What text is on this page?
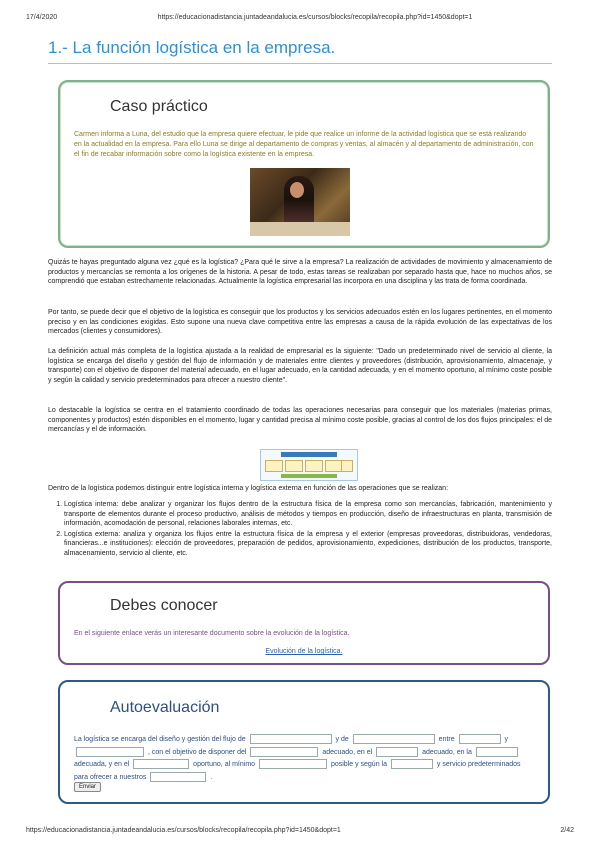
17/4/2020	https://educacionadistancia.juntadeandalucia.es/cursos/blocks/recopila/recopila.php?id=1450&dopt=1
1.- La función logística en la empresa.
Caso práctico
Carmen informa a Luna, del estudio que la empresa quiere efectuar, le pide que realice un informe de la actividad logística que se está realizando en la actualidad en la empresa. Para ello Luna se dirige al departamento de compras y ventas, al almacén y al departamento de administración, con el fin de recabar información sobre como la logística existente en la empresa.
Quizás te hayas preguntado alguna vez ¿qué es la logística? ¿Para qué le sirve a la empresa? La realización de actividades de movimiento y almacenamiento de productos y mercancías se remonta a los orígenes de la historia. A pesar de todo, estas tareas se realizaban por separado hasta que, hace no muchos años, se comprendió que estaban estrechamente relacionadas. Actualmente la logística empresarial las incorpora en una disciplina y las trata de forma coordinada.
Por tanto, se puede decir que el objetivo de la logística es conseguir que los productos y los servicios adecuados estén en los lugares pertinentes, en el momento preciso y en las condiciones exigidas. Esto supone una nueva clave competitiva entre las empresas a causa de la rápida evolución de las expectativas de los mercados (clientes y consumidores).
La definición actual más completa de la logística ajustada a la realidad de empresarial es la siguiente: "Dado un predeterminado nivel de servicio al cliente, la logística se encarga del diseño y gestión del flujo de información y de materiales entre clientes y proveedores (distribución, aprovisionamiento, almacenaje, y transporte) con el objetivo de disponer del material adecuado, en el lugar adecuado, en la cantidad adecuada, y en el momento oportuno, al mínimo coste posible y según la calidad y servicio predeterminados para ofrecer a nuestro cliente".
Lo destacable la logística se centra en el tratamiento coordinado de todas las operaciones necesarias para conseguir que los materiales (materias primas, componentes y productos) estén disponibles en el momento, lugar y cantidad precisa al mínimo coste posible, gracias al control de los dos flujos principales: el de mercancías y el de información.
Dentro de la logística podemos distinguir entre logística interna y logística externa en función de las operaciones que se realizan:
1. Logística interna: debe analizar y organizar los flujos dentro de la estructura física de la empresa como son mercancías, fabricación, mantenimiento y transporte de elementos durante el proceso productivo, análisis de métodos y tiempos en producción, diseño de infraestructuras en planta, transmisión de información, acomodación de personal, relaciones laborales internas, etc.
2. Logística externa: analiza y organiza los flujos entre la estructura física de la empresa y el exterior (empresas proveedoras, distribuidoras, vendedoras, financieras...e instituciones): elección de proveedores, preparación de pedidos, aprovisionamiento, expediciones, distribución de los productos, transporte, almacenamiento, servicio al cliente, etc.
Debes conocer
En el siguiente enlace verás un interesante documento sobre la evolución de la logística.
Evolución de la logística.
Autoevaluación
La logística se encarga del diseño y gestión del flujo de	y de	entre	y  , con el objetivo de disponer del	adecuado, en el	adecuado, en la  adecuada, y en el	oportuno, al mínimo	posible y según la	y servicio predeterminados para ofrecer a nuestros	.
Enviar
https://educacionadistancia.juntadeandalucia.es/cursos/blocks/recopila/recopila.php?id=1450&dopt=1	2/42
